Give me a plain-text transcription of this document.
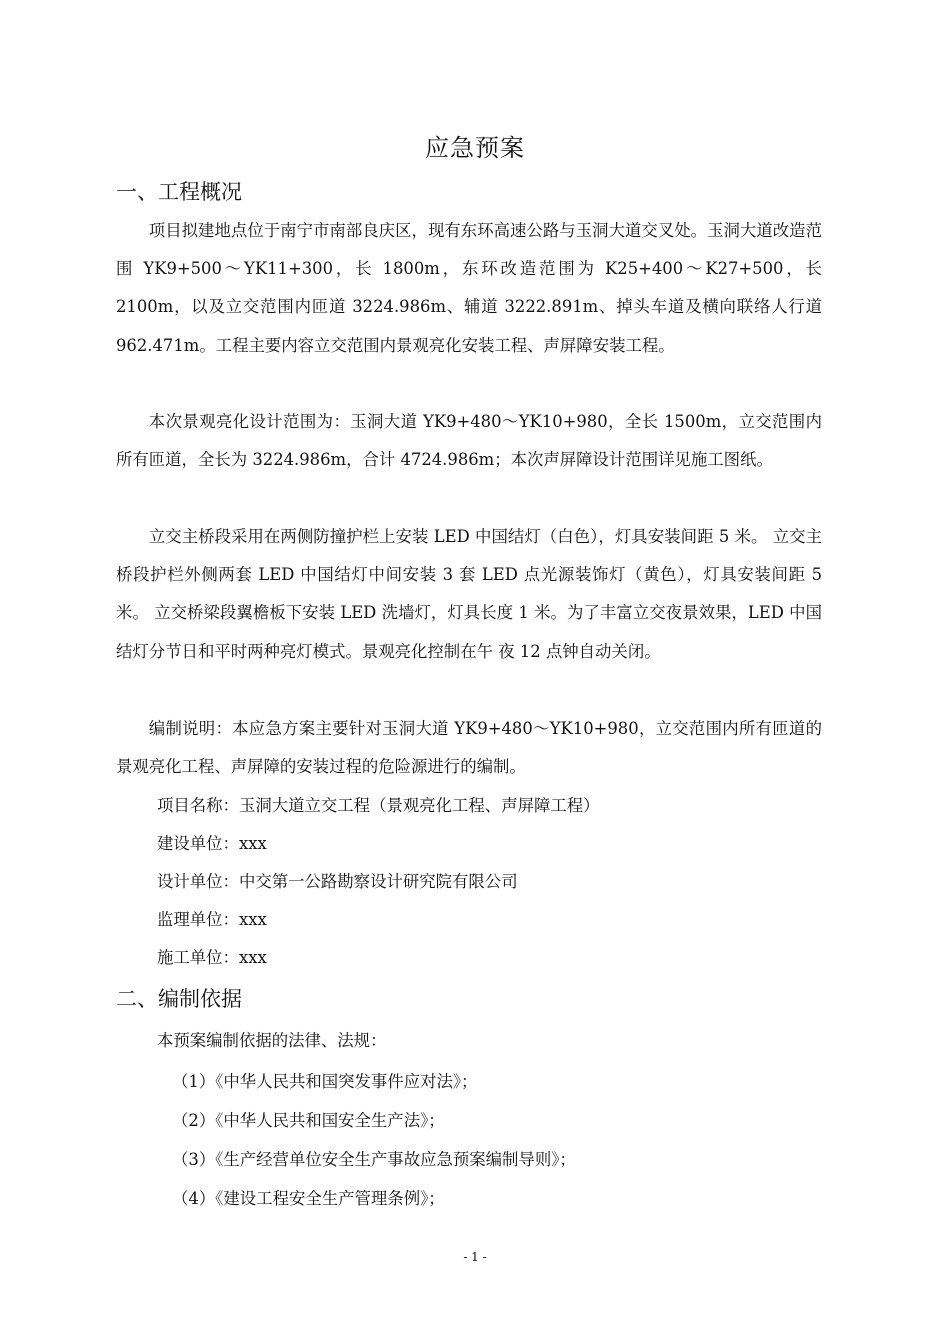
应急预案
一、工程概况

项目拟建地点位于南宁市南部良庆区，现有东环高速公路与玉洞大道交叉处。玉洞大道改造范围 YK9+500～YK11+300，长 1800m，东环改造范围为 K25+400～K27+500，长 2100m，以及立交范围内匝道 3224.986m、辅道 3222.891m、掉头车道及横向联络人行道 962.471m。工程主要内容立交范围内景观亮化安装工程、声屏障安装工程。

本次景观亮化设计范围为：玉洞大道 YK9+480～YK10+980，全长 1500m，立交范围内所有匝道，全长为 3224.986m，合计 4724.986m；本次声屏障设计范围详见施工图纸。

立交主桥段采用在两侧防撞护栏上安装 LED 中国结灯（白色），灯具安装间距 5 米。 立交主桥段护栏外侧两套 LED 中国结灯中间安装 3 套 LED 点光源装饰灯（黄色），灯具安装间距 5 米。 立交桥梁段翼檐板下安装 LED 洗墙灯，灯具长度 1 米。为了丰富立交夜景效果，LED 中国结灯分节日和平时两种亮灯模式。景观亮化控制在午 夜 12 点钟自动关闭。

编制说明：本应急方案主要针对玉洞大道 YK9+480～YK10+980，立交范围内所有匝道的景观亮化工程、声屏障的安装过程的危险源进行的编制。

项目名称：玉洞大道立交工程（景观亮化工程、声屏障工程）

建设单位：xxx

设计单位：中交第一公路勘察设计研究院有限公司

监理单位：xxx

施工单位：xxx

二、编制依据

本预案编制依据的法律、法规：

（1）《中华人民共和国突发事件应对法》；

（2）《中华人民共和国安全生产法》；

（3）《生产经营单位安全生产事故应急预案编制导则》；

（4）《建设工程安全生产管理条例》；

- 1 -
